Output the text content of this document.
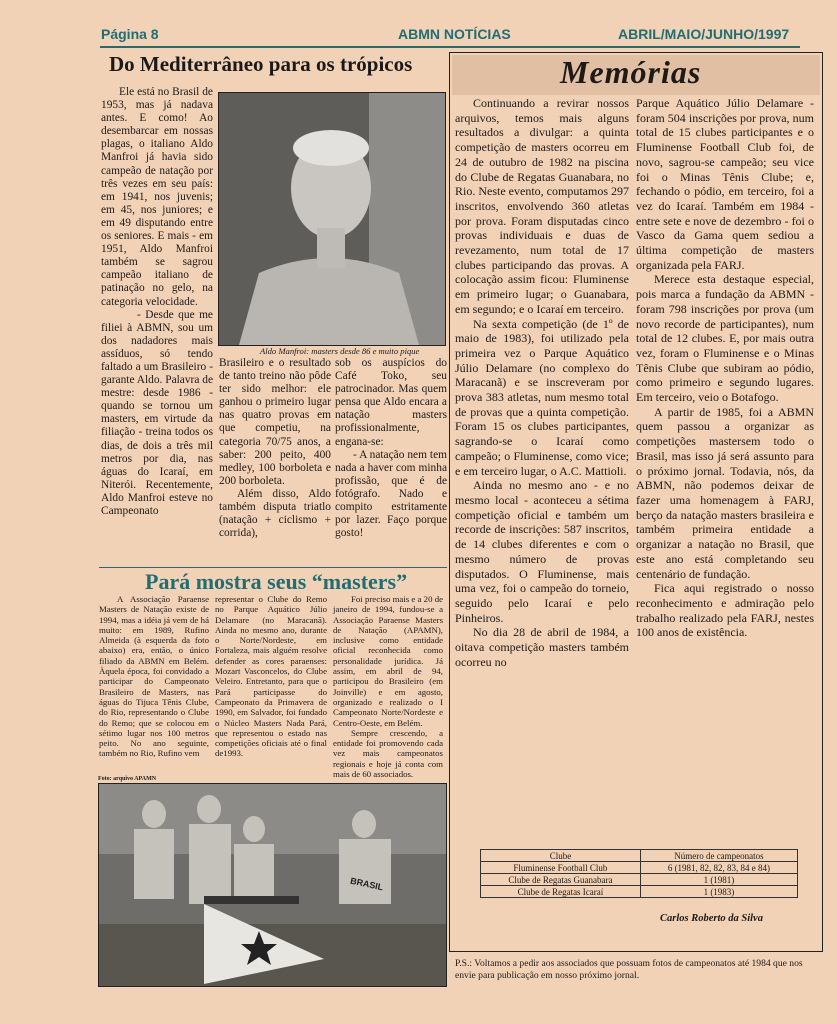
Página 8	ABMN NOTÍCIAS	ABRIL/MAIO/JUNHO/1997
Do Mediterrâneo para os trópicos

Ele está no Brasil de 1953, mas já nadava antes. E como! Ao desembarcar em nossas plagas, o italiano Aldo Manfroi já havia sido campeão de natação por três vezes em seu país: em 1941, nos juvenis; em 45, nos juniores; e em 49 disputando entre os seniores. E mais - em 1951, Aldo Manfroi também se sagrou campeão italiano de patinação no gelo, na categoria velocidade.

- Desde que me filiei à ABMN, sou um dos nadadores mais assíduos, só tendo faltado a um Brasileiro - garante Aldo. Palavra de mestre: desde 1986 - quando se tornou um masters, em virtude da filiação - treina todos os dias, de dois a três mil metros por dia, nas águas do Icaraí, em Niterói. Recentemente, Aldo Manfroi esteve no Campeonato

Aldo Manfroi: masters desde 86 e muito pique

Brasileiro e o resultado de tanto treino não pôde ter sido melhor: ele ganhou o primeiro lugar nas quatro provas em que competiu, na categoria 70/75 anos, a saber: 200 peito, 400 medley, 100 borboleta e 200 borboleta.

Além disso, Aldo também disputa triatlo (natação + ciclismo + corrida),

sob os auspícios do Café Toko, seu patrocinador. Mas quem pensa que Aldo encara a natação masters profissionalmente, engana-se:

- A natação nem tem nada a haver com minha profissão, que é de fotógrafo. Nado e compito estritamente por lazer. Faço porque gosto!

Pará mostra seus “masters”

A Associação Paraense Masters de Natação existe de 1994, mas a idéia já vem de há muito: em 1989, Rufino Almeida (à esquerda da foto abaixo) era, então, o único filiado da ABMN em Belém. Àquela época, foi convidado a participar do Campeonato Brasileiro de Masters, nas águas do Tijuca Tênis Clube, do Rio, representando o Clube do Remo; que se colocou em sétimo lugar nos 100 metros peito. No ano seguinte, também no Rio, Rufino vem

representar o Clube do Remo no Parque Aquático Júlio Delamare (no Maracanã). Ainda no mesmo ano, durante o Norte/Nordeste, em Fortaleza, mais alguém resolve defender as cores paraenses: Mozart Vasconcelos, do Clube Veleiro. Entretanto, para que o Pará participasse do Campeonato da Primavera de 1990, em Salvador, foi fundado o Núcleo Masters Nada Pará, que representou o estado nas competições oficiais até o final de1993.

Foi preciso mais e a 20 de janeiro de 1994, fundou-se a Associação Paraense Masters de Natação (APAMN), inclusive como entidade oficial reconhecida como personalidade jurídica. Já assim, em abril de 94, participou do Brasileiro (em Joinville) e em agosto, organizado e realizado o I Campeonato Norte/Nordeste e Centro-Oeste, em Belém.

Sempre crescendo, a entidade foi promovendo cada vez mais campeonatos regionais e hoje já conta com mais de 60 associados.

Foto: arquivo APAMN
BRASIL
Memórias

Continuando a revirar nossos arquivos, temos mais alguns resultados a divulgar: a quinta competição de masters ocorreu em 24 de outubro de 1982 na piscina do Clube de Regatas Guanabara, no Rio. Neste evento, computamos 297 inscritos, envolvendo 360 atletas por prova. Foram disputadas cinco provas individuais e duas de revezamento, num total de 17 clubes participando das provas. A colocação assim ficou: Fluminense em primeiro lugar; o Guanabara, em segundo; e o Icaraí em terceiro.

Na sexta competição (de 1º de maio de 1983), foi utilizado pela primeira vez o Parque Aquático Júlio Delamare (no complexo do Maracanã) e se inscreveram por prova 383 atletas, num mesmo total de provas que a quinta competição. Foram 15 os clubes participantes, sagrando-se o Icaraí como campeão; o Fluminense, como vice; e em terceiro lugar, o A.C. Mattioli.

Ainda no mesmo ano - e no mesmo local - aconteceu a sétima competição oficial e também um recorde de inscrições: 587 inscritos, de 14 clubes diferentes e com o mesmo número de provas disputados. O Fluminense, mais uma vez, foi o campeão do torneio, seguido pelo Icaraí e pelo Pinheiros.

No dia 28 de abril de 1984, a oitava competição masters também ocorreu no

Parque Aquático Júlio Delamare - foram 504 inscrições por prova, num total de 15 clubes participantes e o Fluminense Football Club foi, de novo, sagrou-se campeão; seu vice foi o Minas Tênis Clube; e, fechando o pódio, em terceiro, foi a vez do Icaraí. Também em 1984 - entre sete e nove de dezembro - foi o Vasco da Gama quem sediou a última competição de masters organizada pela FARJ.

Merece esta destaque especial, pois marca a fundação da ABMN - foram 798 inscrições por prova (um novo recorde de participantes), num total de 12 clubes. E, por mais outra vez, foram o Fluminense e o Minas Tênis Clube que subiram ao pódio, como primeiro e segundo lugares. Em terceiro, veio o Botafogo.

A partir de 1985, foi a ABMN quem passou a organizar as competições mastersem todo o Brasil, mas isso já será assunto para o próximo jornal. Todavia, nós, da ABMN, não podemos deixar de fazer uma homenagem à FARJ, berço da natação masters brasileira e também primeira entidade a organizar a natação no Brasil, que este ano está completando seu centenário de fundação.

Fica aqui registrado o nosso reconhecimento e admiração pelo trabalho realizado pela FARJ, nestes 100 anos de existência.

Clube	Número de campeonatos
Fluminense Football Club	6 (1981, 82, 82, 83, 84 e 84)
Clube de Regatas Guanabara	1 (1981)
Clube de Regatas Icaraí	1 (1983)
Carlos Roberto da Silva
P.S.: Voltamos a pedir aos associados que possuam fotos de campeonatos até 1984 que nos envie para publicação em nosso próximo jornal.
